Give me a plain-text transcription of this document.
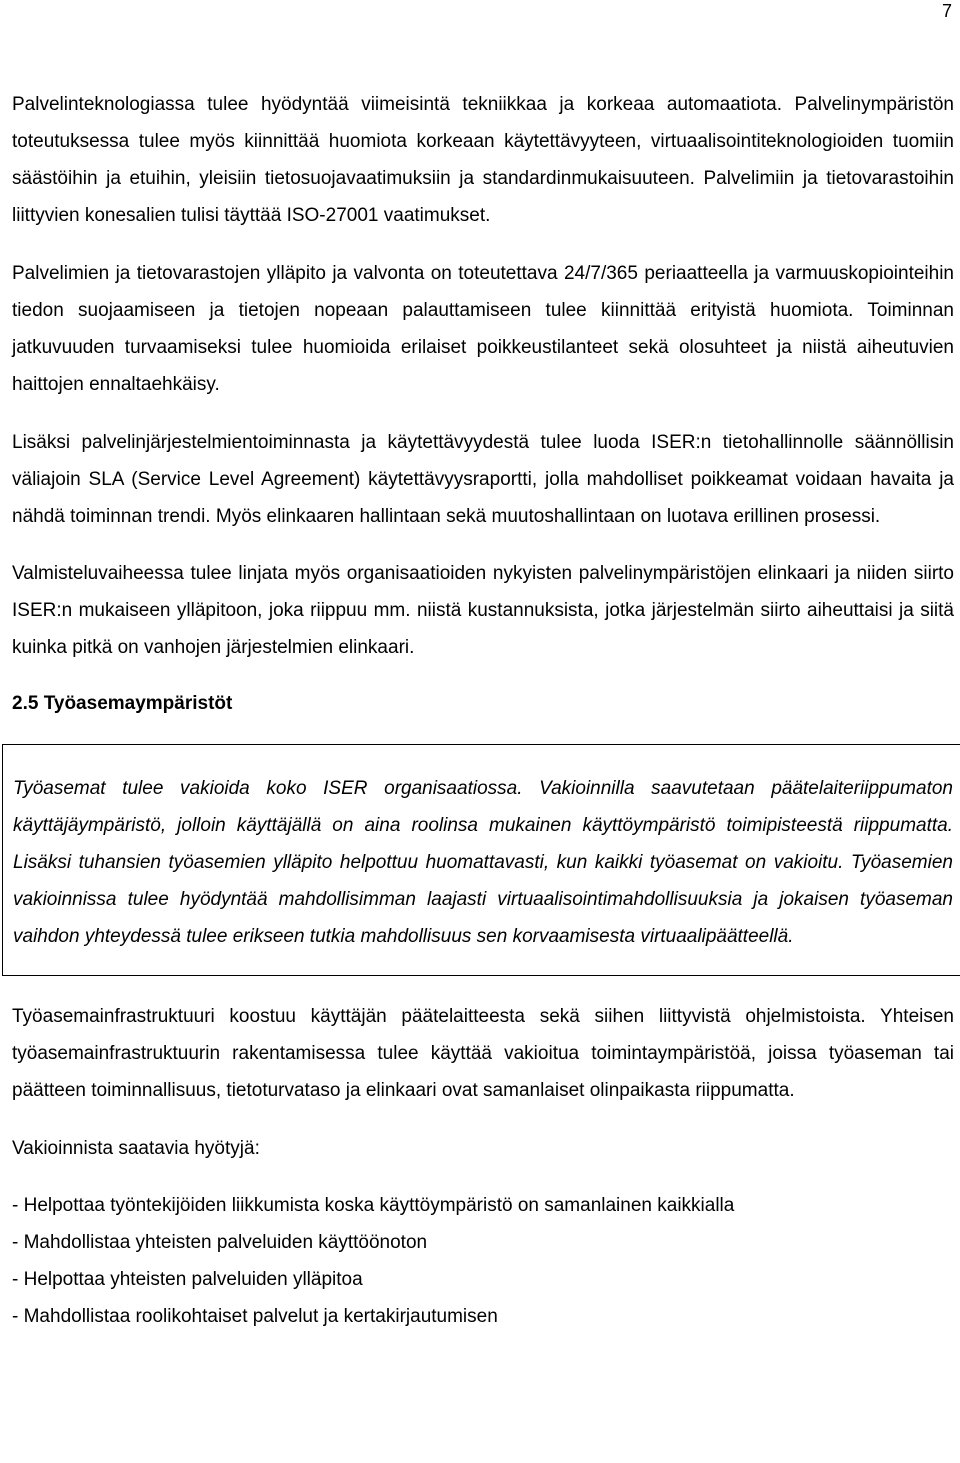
7

Palvelinteknologiassa tulee hyödyntää viimeisintä tekniikkaa ja korkeaa automaatiota. Palvelinympäristön toteutuksessa tulee myös kiinnittää huomiota korkeaan käytettävyyteen, virtuaalisointiteknologioiden tuomiin säästöihin ja etuihin, yleisiin tietosuojavaatimuksiin ja standardinmukaisuuteen. Palvelimiin ja tietovarastoihin liittyvien konesalien tulisi täyttää ISO-27001 vaatimukset.

Palvelimien ja tietovarastojen ylläpito ja valvonta on toteutettava 24/7/365 periaatteella ja varmuuskopiointeihin tiedon suojaamiseen ja tietojen nopeaan palauttamiseen tulee kiinnittää erityistä huomiota. Toiminnan jatkuvuuden turvaamiseksi tulee huomioida erilaiset poikkeustilanteet sekä olosuhteet ja niistä aiheutuvien haittojen ennaltaehkäisy.

Lisäksi palvelinjärjestelmientoiminnasta ja käytettävyydestä tulee luoda ISER:n tietohallinnolle säännöllisin väliajoin SLA (Service Level Agreement) käytettävyysraportti, jolla mahdolliset poikkeamat voidaan havaita ja nähdä toiminnan trendi. Myös elinkaaren hallintaan sekä muutoshallintaan on luotava erillinen prosessi.

Valmisteluvaiheessa tulee linjata myös organisaatioiden nykyisten palvelinympäristöjen elinkaari ja niiden siirto ISER:n mukaiseen ylläpitoon, joka riippuu mm. niistä kustannuksista, jotka järjestelmän siirto aiheuttaisi ja siitä kuinka pitkä on vanhojen järjestelmien elinkaari.

2.5 Työasemaympäristöt

Työasemat tulee vakioida koko ISER organisaatiossa. Vakioinnilla saavutetaan päätelaiteriippumaton käyttäjäympäristö, jolloin käyttäjällä on aina roolinsa mukainen käyttöympäristö toimipisteestä riippumatta. Lisäksi tuhansien työasemien ylläpito helpottuu huomattavasti, kun kaikki työasemat on vakioitu. Työasemien vakioinnissa tulee hyödyntää mahdollisimman laajasti virtuaalisointimahdollisuuksia ja jokaisen työaseman vaihdon yhteydessä tulee erikseen tutkia mahdollisuus sen korvaamisesta virtuaalipäätteellä.

Työasemainfrastruktuuri koostuu käyttäjän päätelaitteesta sekä siihen liittyvistä ohjelmistoista. Yhteisen työasemainfrastruktuurin rakentamisessa tulee käyttää vakioitua toimintaympäristöä, joissa työaseman tai päätteen toiminnallisuus, tietoturvataso ja elinkaari ovat samanlaiset olinpaikasta riippumatta.

Vakioinnista saatavia hyötyjä:

- Helpottaa työntekijöiden liikkumista koska käyttöympäristö on samanlainen kaikkialla
- Mahdollistaa yhteisten palveluiden käyttöönoton
- Helpottaa yhteisten palveluiden ylläpitoa
- Mahdollistaa roolikohtaiset palvelut ja kertakirjautumisen
